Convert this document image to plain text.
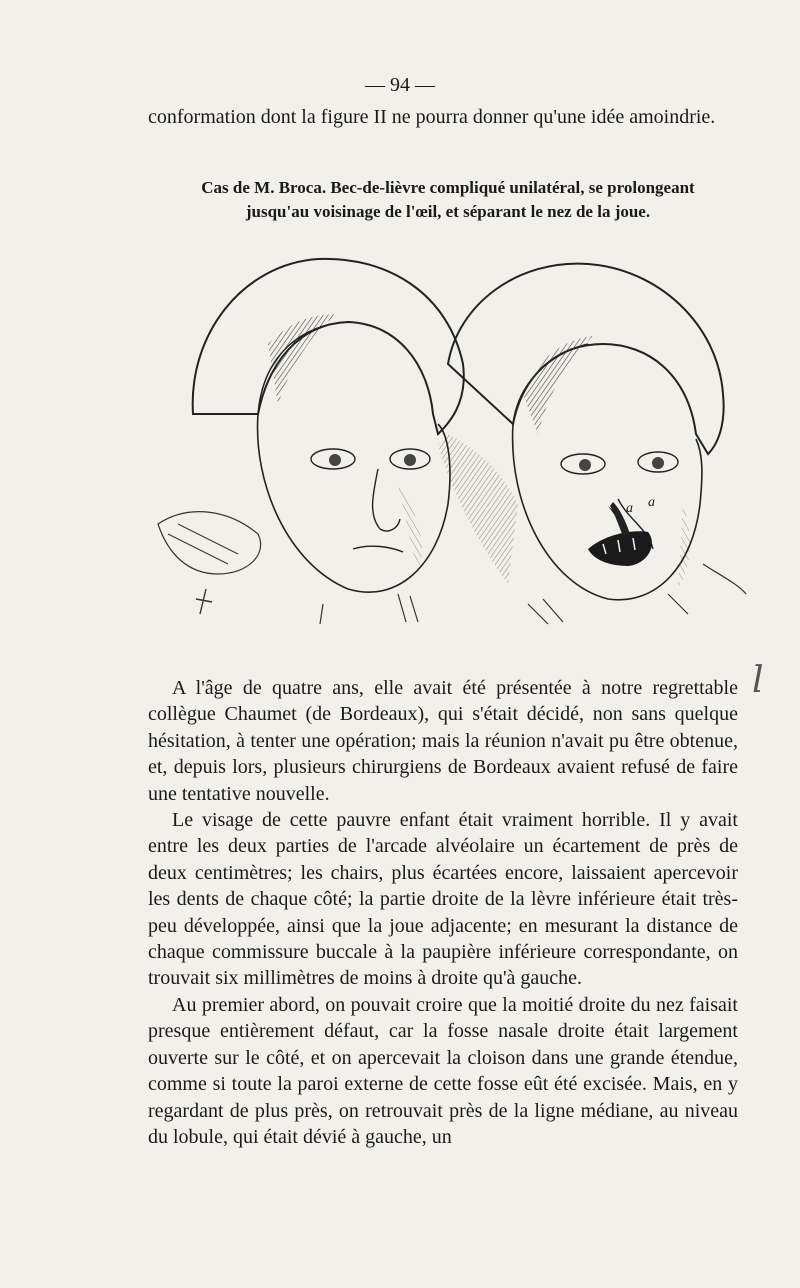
— 94 —
conformation dont la figure II ne pourra donner qu'une idée amoindrie.
Cas de M. Broca. Bec-de-lièvre compliqué unilatéral, se prolongeant
jusqu'au voisinage de l'œil, et séparant le nez de la joue.
a a

A l'âge de quatre ans, elle avait été présentée à notre regrettable collègue Chaumet (de Bordeaux), qui s'était décidé, non sans quelque hésitation, à tenter une opération; mais la réunion n'avait pu être obtenue, et, depuis lors, plusieurs chirurgiens de Bordeaux avaient refusé de faire une tentative nouvelle.

Le visage de cette pauvre enfant était vraiment horrible. Il y avait entre les deux parties de l'arcade alvéolaire un écartement de près de deux centimètres; les chairs, plus écartées encore, laissaient apercevoir les dents de chaque côté; la partie droite de la lèvre inférieure était très-peu développée, ainsi que la joue adjacente; en mesurant la distance de chaque commissure buccale à la paupière inférieure correspondante, on trouvait six millimètres de moins à droite qu'à gauche.

Au premier abord, on pouvait croire que la moitié droite du nez faisait presque entièrement défaut, car la fosse nasale droite était largement ouverte sur le côté, et on apercevait la cloison dans une grande étendue, comme si toute la paroi externe de cette fosse eût été excisée. Mais, en y regardant de plus près, on retrouvait près de la ligne médiane, au niveau du lobule, qui était dévié à gauche, un

l
